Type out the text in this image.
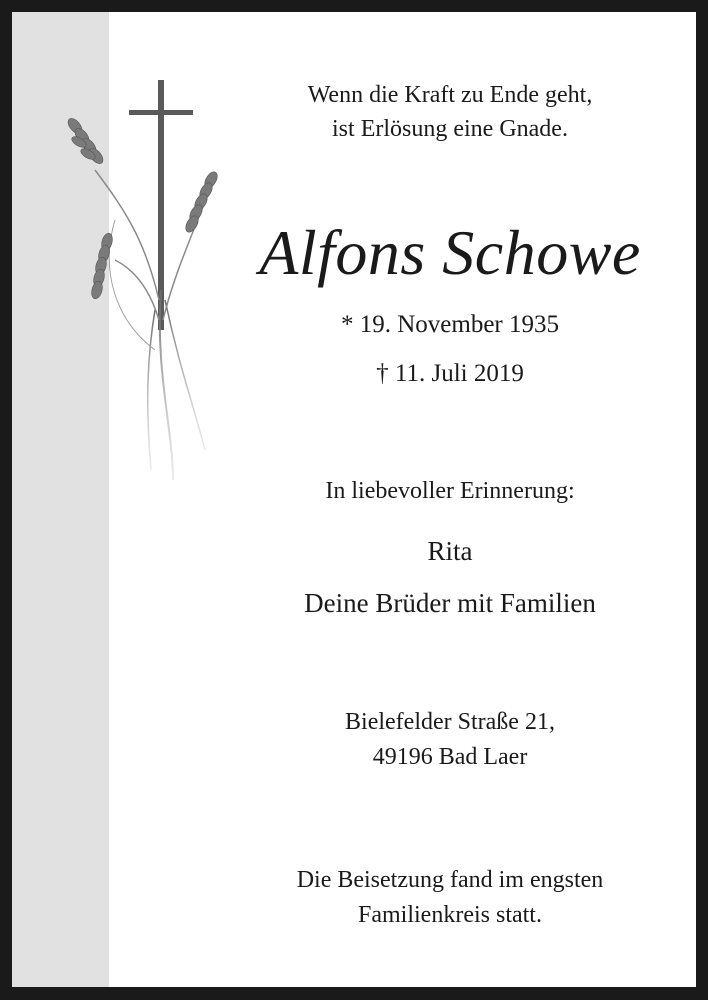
Wenn die Kraft zu Ende geht,
ist Erlösung eine Gnade.
Alfons Schowe
* 19. November 1935
† 11. Juli 2019
In liebevoller Erinnerung:
Rita
Deine Brüder mit Familien
Bielefelder Straße 21,
49196 Bad Laer
Die Beisetzung fand im engsten
Familienkreis statt.
